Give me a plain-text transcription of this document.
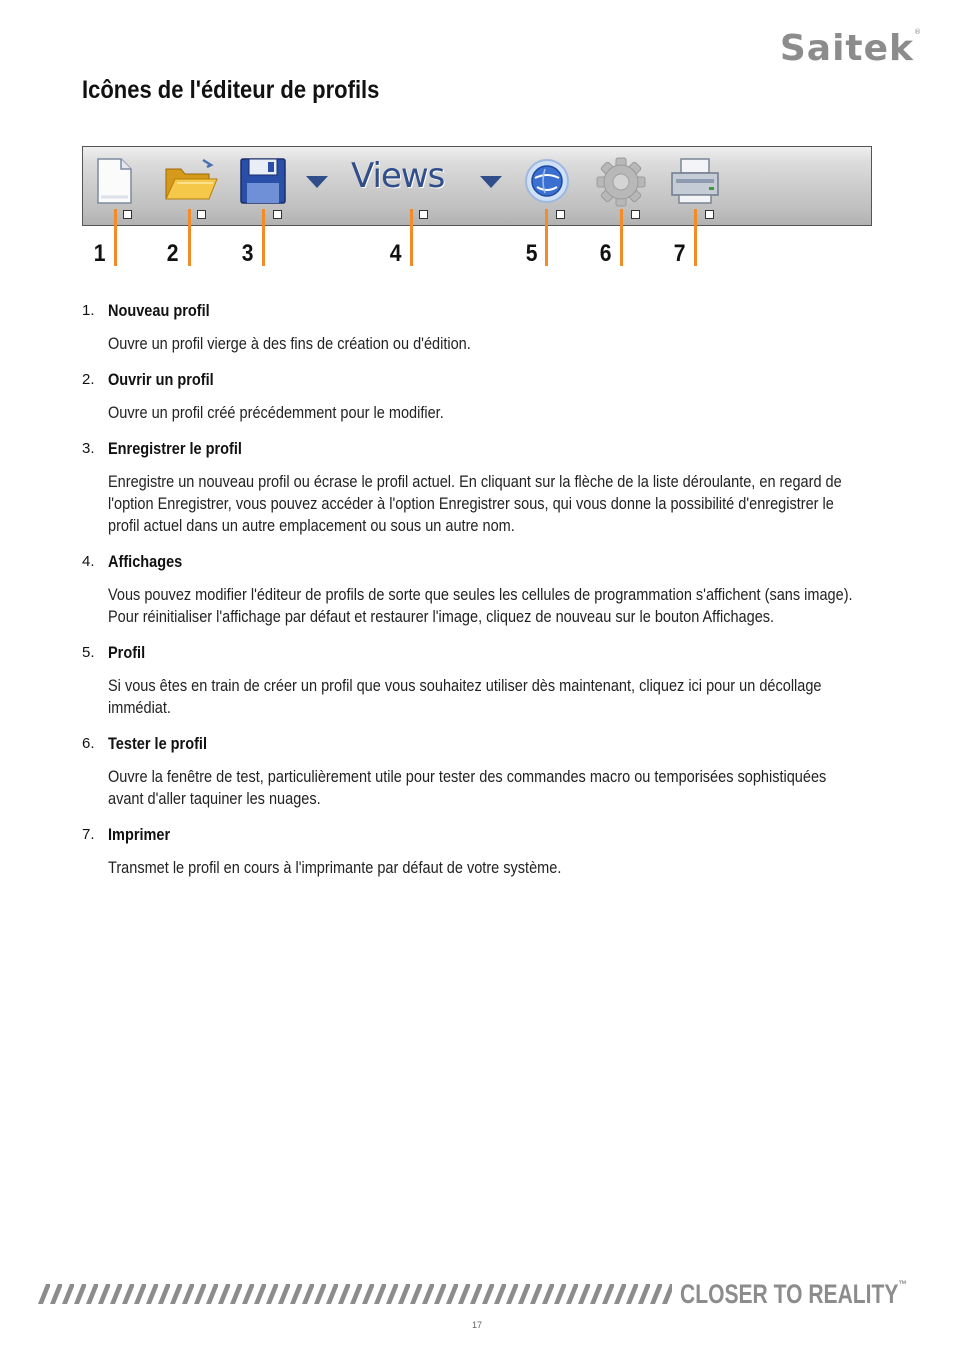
Saitek®
Icônes de l'éditeur de profils
Views
1	2	3	4	5	6	7
1. Nouveau profil
Ouvre un profil vierge à des fins de création ou d'édition.
2. Ouvrir un profil
Ouvre un profil créé précédemment pour le modifier.
3. Enregistrer le profil
Enregistre un nouveau profil ou écrase le profil actuel. En cliquant sur la flèche de la liste déroulante, en regard de l'option Enregistrer, vous pouvez accéder à l'option Enregistrer sous, qui vous donne la possibilité d'enregistrer le profil actuel dans un autre emplacement ou sous un autre nom.
4. Affichages
Vous pouvez modifier l'éditeur de profils de sorte que seules les cellules de programmation s'affichent (sans image). Pour réinitialiser l'affichage par défaut et restaurer l'image, cliquez de nouveau sur le bouton Affichages.
5. Profil
Si vous êtes en train de créer un profil que vous souhaitez utiliser dès maintenant, cliquez ici pour un décollage immédiat.
6. Tester le profil
Ouvre la fenêtre de test, particulièrement utile pour tester des commandes macro ou temporisées sophistiquées avant d'aller taquiner les nuages.
7. Imprimer
Transmet le profil en cours à l'imprimante par défaut de votre système.
CLOSER TO REALITY™
17
